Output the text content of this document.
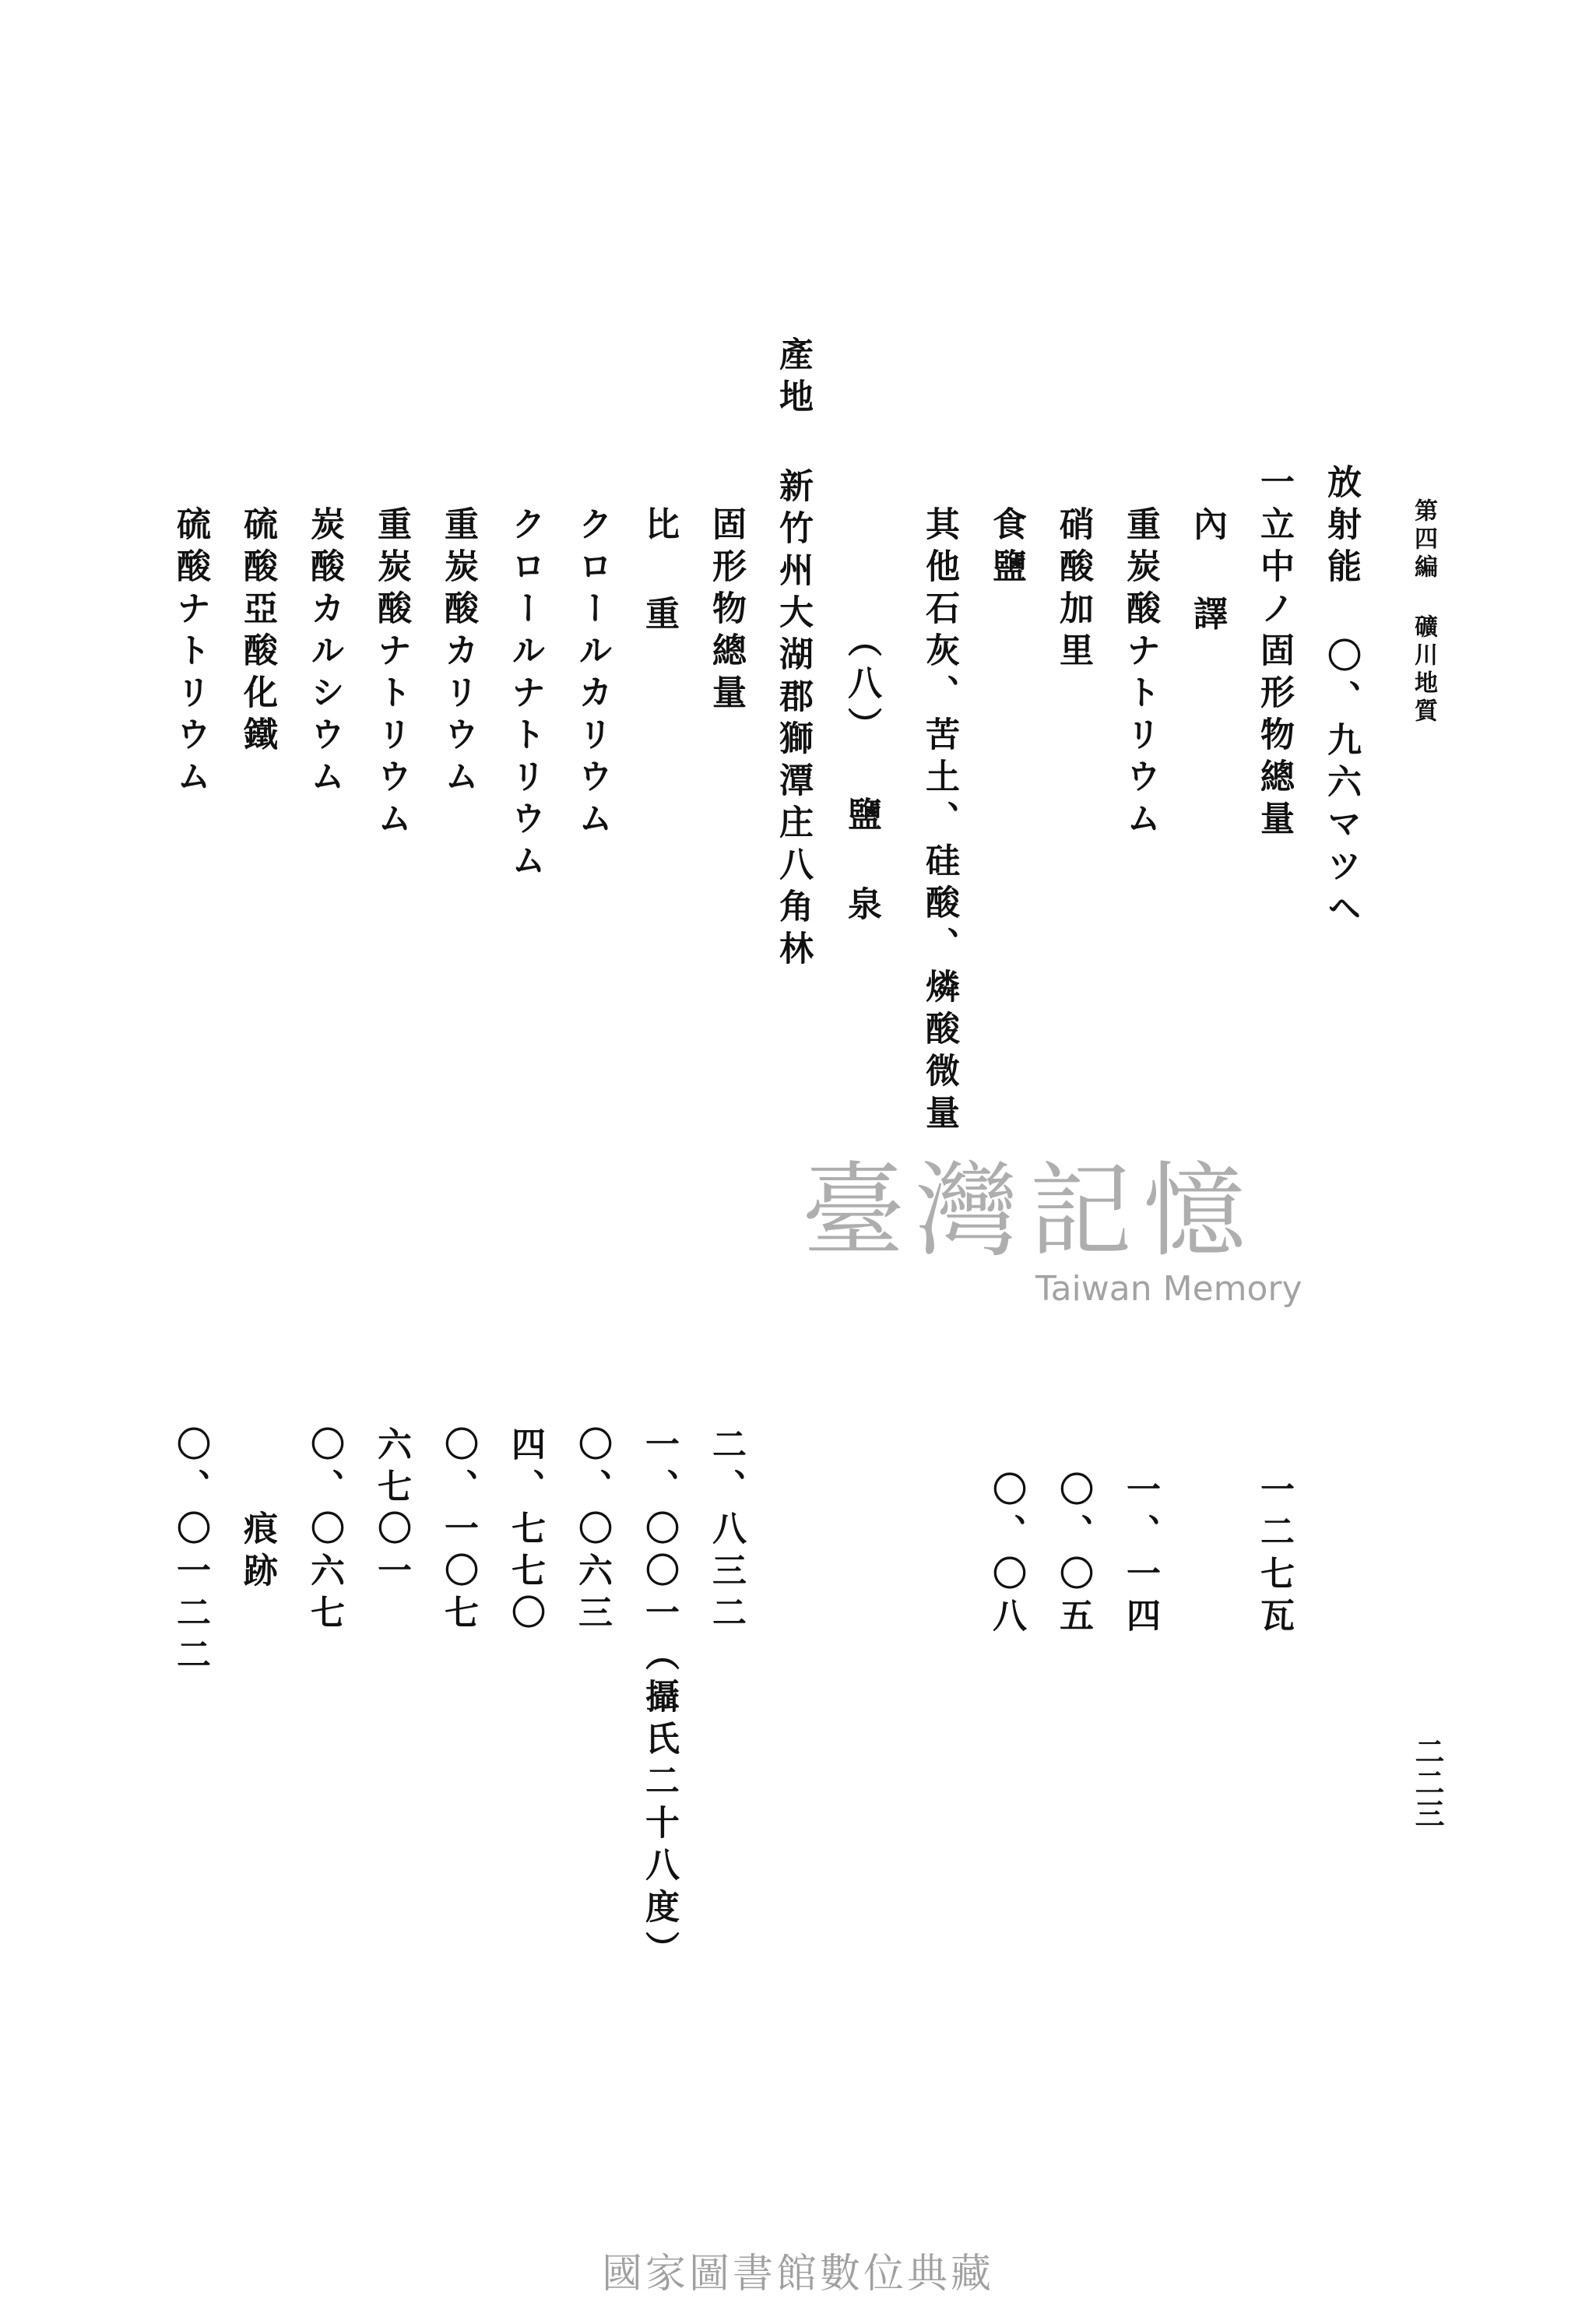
第四編 礦川地質
放射能 〇、九六マツヘ
一立中ノ固形物總量
內 譯
重炭酸ナトリウム
硝酸加里
食鹽
其他石灰、苦土、硅酸、燐酸微量
（八） 鹽 泉
產地 新竹州大湖郡獅潭庄八角林
固形物總量
比 重
クロールカリウム
クロールナトリウム
重炭酸カリウム
重炭酸ナトリウム
炭酸カルシウム
硫酸亞酸化鐵
硫酸ナトリウム
一二七瓦
一、一四
〇、〇五
〇、〇八
二、八三二
一、〇〇一（攝氏二十八度）
〇、〇六三
四、七七〇
〇、一〇七
六七〇一
〇、〇六七
痕跡
〇、〇一二二
二二三
臺灣記憶
Taiwan Memory
國家圖書館數位典藏
